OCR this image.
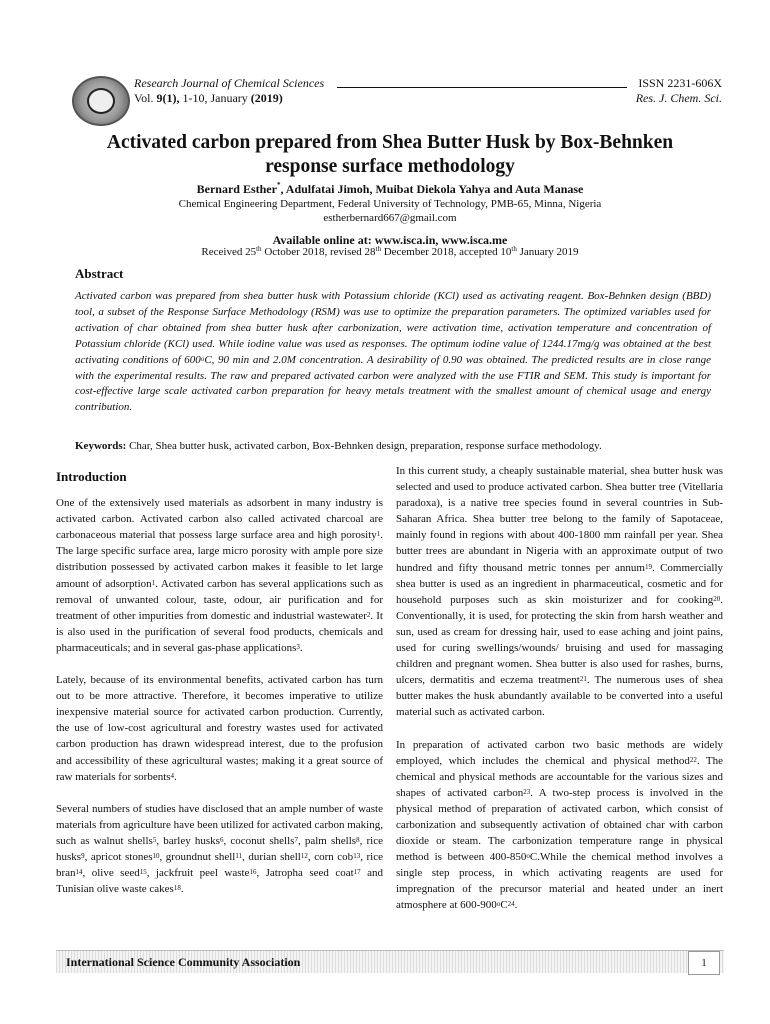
Research Journal of Chemical Sciences
Vol. 9(1), 1-10, January (2019)
ISSN 2231-606X
Res. J. Chem. Sci.
Activated carbon prepared from Shea Butter Husk by Box-Behnken
response surface methodology
Bernard Esther*, Adulfatai Jimoh, Muibat Diekola Yahya and Auta Manase
Chemical Engineering Department, Federal University of Technology, PMB-65, Minna, Nigeria
estherbernard667@gmail.com
Available online at: www.isca.in, www.isca.me
Received 25th October 2018, revised 28th December 2018, accepted 10th January 2019
Abstract
Activated carbon was prepared from shea butter husk with Potassium chloride (KCl) used as activating reagent. Box-Behnken design (BBD) tool, a subset of the Response Surface Methodology (RSM) was use to optimize the preparation parameters. The optimized variables used for activation of char obtained from shea butter husk after carbonization, were activation time, activation temperature and concentration of Potassium chloride (KCl) used. While iodine value was used as responses. The optimum iodine value of 1244.17mg/g was obtained at the best activating conditions of 600$^o$C, 90 min and 2.0M concentration. A desirability of 0.90 was obtained. The predicted results are in close range with the experimental results. The raw and prepared activated carbon were analyzed with the use FTIR and SEM. This study is important for cost-effective large scale activated carbon preparation for heavy metals treatment with the smallest amount of chemical usage and energy contribution.
Keywords: Char, Shea butter husk, activated carbon, Box-Behnken design, preparation, response surface methodology.
Introduction

One of the extensively used materials as adsorbent in many industry is activated carbon. Activated carbon also called activated charcoal are carbonaceous material that possess large surface area and high porosity$^1$. The large specific surface area, large micro porosity with ample pore size distribution possessed by activated carbon makes it feasible to let large amount of adsorption$^1$. Activated carbon has several applications such as removal of unwanted colour, taste, odour, air purification and for treatment of other impurities from domestic and industrial wastewater$^2$. It is also used in the purification of several food products, chemicals and pharmaceuticals; and in several gas-phase applications$^3$.

Lately, because of its environmental benefits, activated carbon has turn out to be more attractive. Therefore, it becomes imperative to utilize inexpensive material source for activated carbon production. Currently, the use of low-cost agricultural and forestry wastes used for activated carbon production has drawn widespread interest, due to the profusion and accessibility of these agricultural wastes; making it a great source of raw materials for sorbents$^4$.

Several numbers of studies have disclosed that an ample number of waste materials from agriculture have been utilized for activated carbon making, such as walnut shells$^5$, barley husks$^6$, coconut shells$^7$, palm shells$^8$, rice husks$^9$, apricot stones$^{10}$, groundnut shell$^{11}$, durian shell$^{12}$, corn cob$^{13}$, rice bran$^{14}$, olive seed$^{15}$, jackfruit peel waste$^{16}$, Jatropha seed coat$^{17}$ and Tunisian olive waste cakes$^{18}$.

In this current study, a cheaply sustainable material, shea butter husk was selected and used to produce activated carbon. Shea butter tree (Vitellaria paradoxa), is a native tree species found in several countries in Sub-Saharan Africa. Shea butter tree belong to the family of Sapotaceae, mainly found in regions with about 400-1800 mm rainfall per year. Shea butter trees are abundant in Nigeria with an approximate output of two hundred and fifty thousand metric tonnes per annum$^{19}$. Commercially shea butter is used as an ingredient in pharmaceutical, cosmetic and for household purposes such as skin moisturizer and for cooking$^{20}$. Conventionally, it is used, for protecting the skin from harsh weather and sun, used as cream for dressing hair, used to ease aching and joint pains, used for curing swellings/wounds/ bruising and used for massaging children and pregnant women. Shea butter is also used for rashes, burns, ulcers, dermatitis and eczema treatment$^{21}$. The numerous uses of shea butter makes the husk abundantly available to be converted into a useful material such as activated carbon.

In preparation of activated carbon two basic methods are widely employed, which includes the chemical and physical method$^{22}$. The chemical and physical methods are accountable for the various sizes and shapes of activated carbon$^{23}$. A two-step process is involved in the physical method of preparation of activated carbon, which consist of carbonization and subsequently activation of obtained char with carbon dioxide or steam. The carbonization temperature range in physical method is between 400-850$^o$C.While the chemical method involves a single step process, in which activating reagents are used for impregnation of the precursor material and heated under an inert atmosphere at $600-900^oC^{24}$.

International Science Community Association	1
